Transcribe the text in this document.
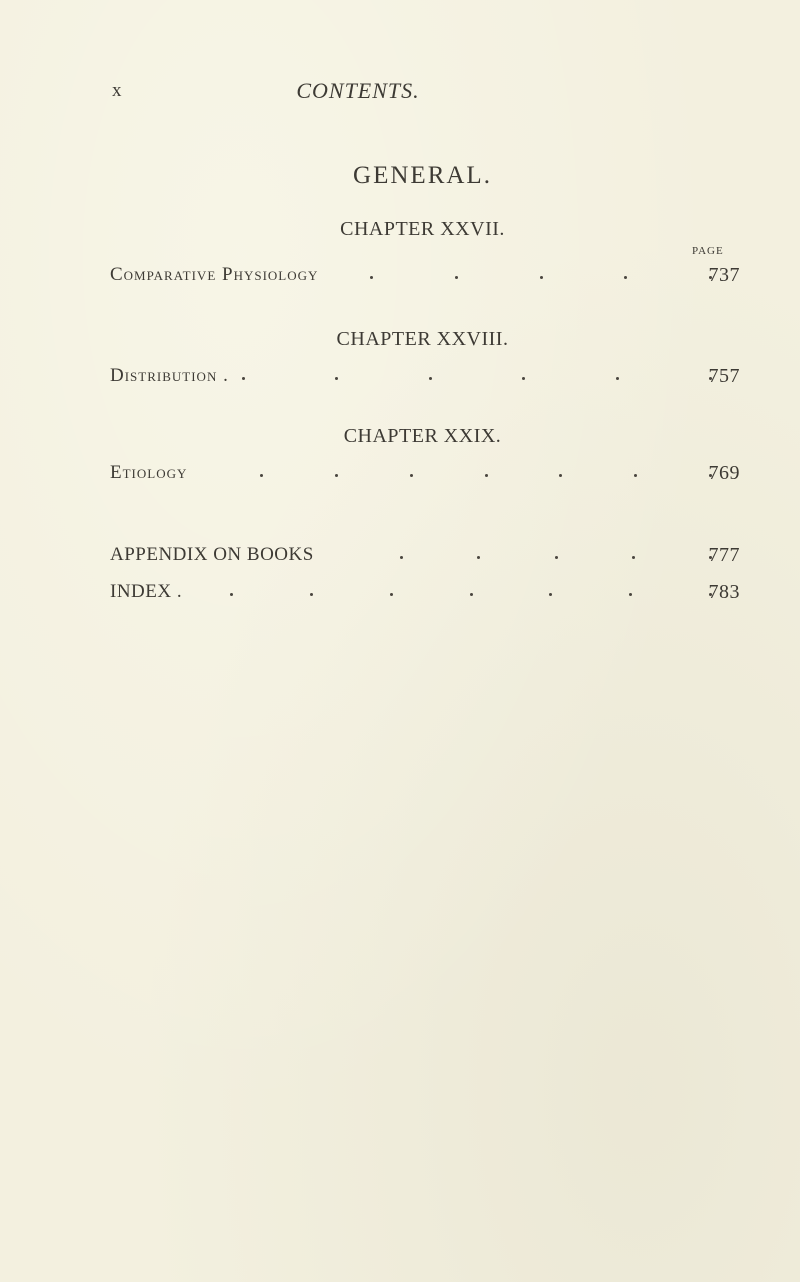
x	CONTENTS.
GENERAL.
CHAPTER XXVII.
PAGE
Comparative Physiology	737
CHAPTER XXVIII.
Distribution .	757
CHAPTER XXIX.
Etiology	769
APPENDIX ON BOOKS	777
INDEX .	783
